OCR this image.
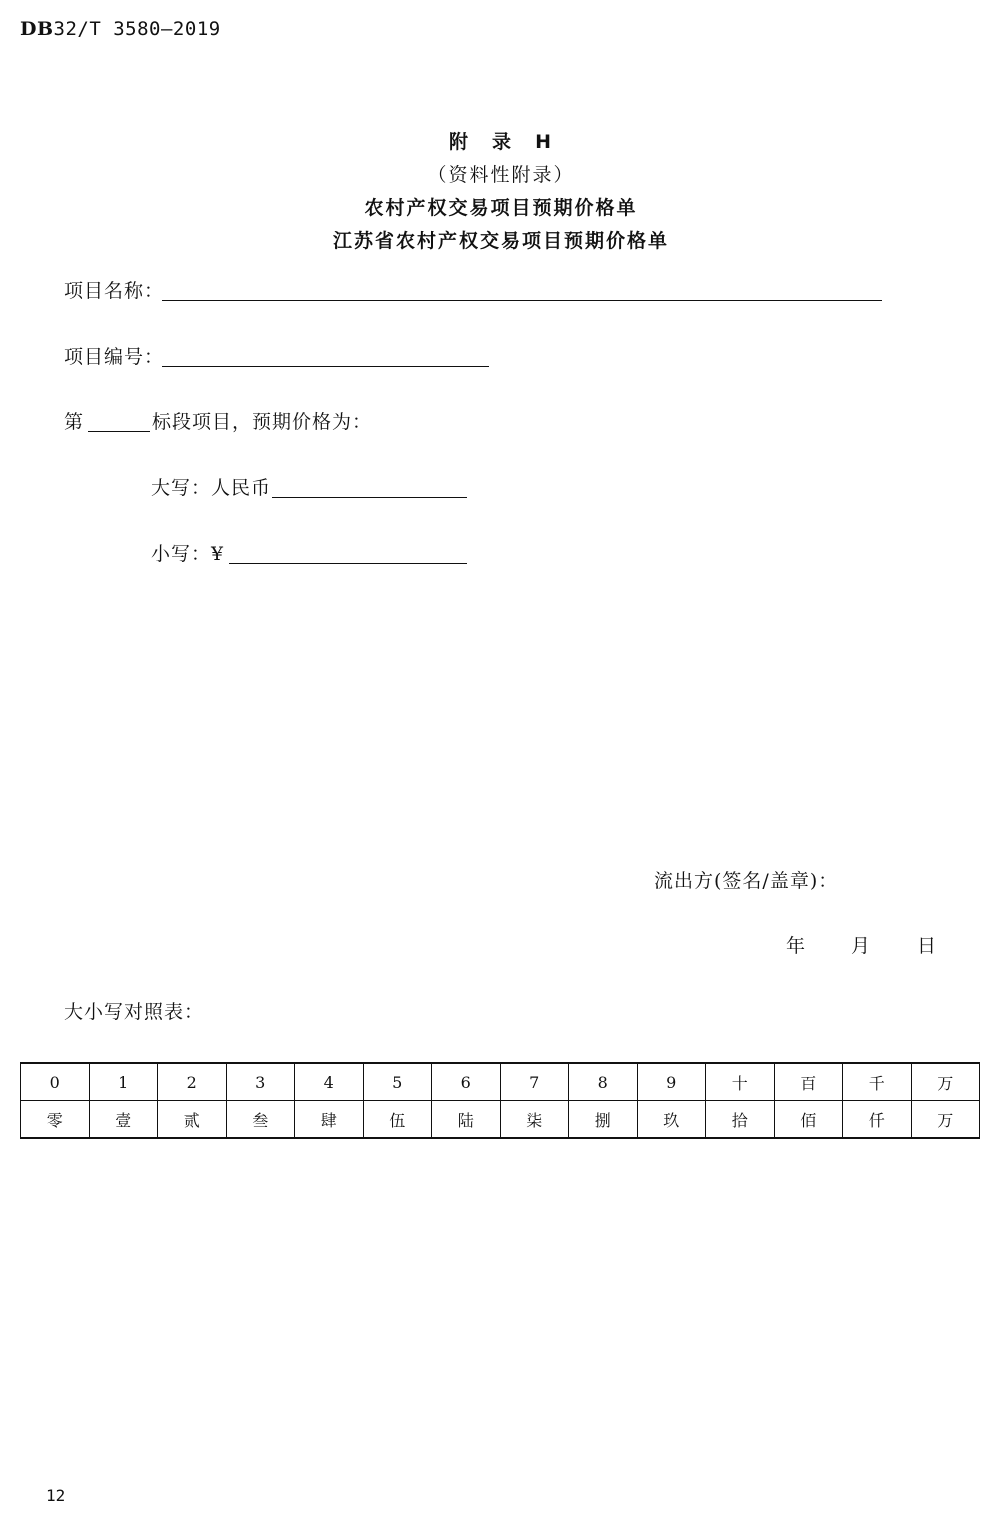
DB32/T 3580—2019
附 录 H
（资料性附录）
农村产权交易项目预期价格单
江苏省农村产权交易项目预期价格单
项目名称：
项目编号：
第	标段项目，预期价格为：
大写：人民币
小写：¥
流出方(签名/盖章)：
年 月 日
大小写对照表：
0	1	2	3	4	5	6	7	8	9	十	百	千	万
零	壹	贰	叁	肆	伍	陆	柒	捌	玖	拾	佰	仟	万
12
